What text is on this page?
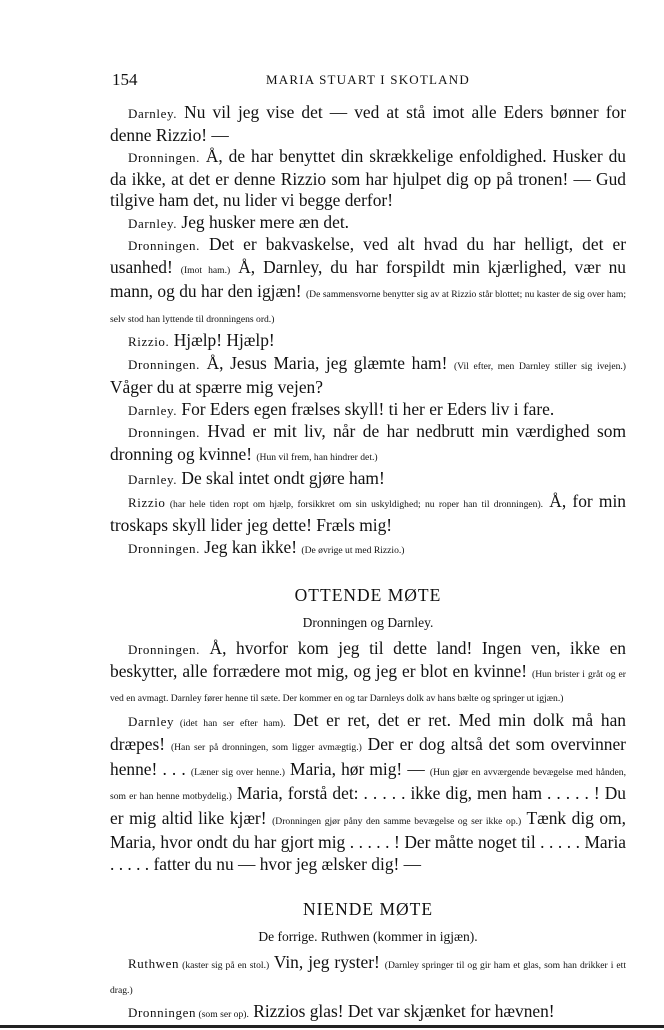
154	MARIA STUART I SKOTLAND

Darnley. Nu vil jeg vise det — ved at stå imot alle Eders bønner for denne Rizzio! —

Dronningen. Å, de har benyttet din skrækkelige enfoldighed. Husker du da ikke, at det er denne Rizzio som har hjulpet dig op på tronen! — Gud tilgive ham det, nu lider vi begge derfor!

Darnley. Jeg husker mere æn det.

Dronningen. Det er bakvaskelse, ved alt hvad du har helligt, det er usanhed! (Imot ham.) Å, Darnley, du har forspildt min kjærlighed, vær nu mann, og du har den igjæn! (De sammensvorne benytter sig av at Rizzio står blottet; nu kaster de sig over ham; selv stod han lyttende til dronningens ord.)

Rizzio. Hjælp! Hjælp!

Dronningen. Å, Jesus Maria, jeg glæmte ham! (Vil efter, men Darnley stiller sig ivejen.) Våger du at spærre mig vejen?

Darnley. For Eders egen frælses skyll! ti her er Eders liv i fare.

Dronningen. Hvad er mit liv, når de har nedbrutt min værdighed som dronning og kvinne! (Hun vil frem, han hindrer det.)

Darnley. De skal intet ondt gjøre ham!

Rizzio (har hele tiden ropt om hjælp, forsikkret om sin uskyldighed; nu roper han til dronningen). Å, for min troskaps skyll lider jeg dette! Fræls mig!

Dronningen. Jeg kan ikke! (De øvrige ut med Rizzio.)

OTTENDE MØTE
Dronningen og Darnley.

Dronningen. Å, hvorfor kom jeg til dette land! Ingen ven, ikke en beskytter, alle forrædere mot mig, og jeg er blot en kvinne! (Hun brister i gråt og er ved en avmagt. Darnley fører henne til sæte. Der kommer en og tar Darnleys dolk av hans bælte og springer ut igjæn.)

Darnley (idet han ser efter ham). Det er ret, det er ret. Med min dolk må han dræpes! (Han ser på dronningen, som ligger avmægtig.) Der er dog altså det som overvinner henne! . . . (Læner sig over henne.) Maria, hør mig! — (Hun gjør en avværgende bevægelse med hånden, som er han henne motbydelig.) Maria, forstå det: . . . . . ikke dig, men ham . . . . . ! Du er mig altid like kjær! (Dronningen gjør påny den samme bevægelse og ser ikke op.) Tænk dig om, Maria, hvor ondt du har gjort mig . . . . . ! Der måtte noget til . . . . . Maria . . . . . fatter du nu — hvor jeg ælsker dig! —

NIENDE MØTE
De forrige. Ruthwen (kommer in igjæn).

Ruthwen (kaster sig på en stol.) Vin, jeg ryster! (Darnley springer til og gir ham et glas, som han drikker i ett drag.)

Dronningen (som ser op). Rizzios glas! Det var skjænket for hævnen!
